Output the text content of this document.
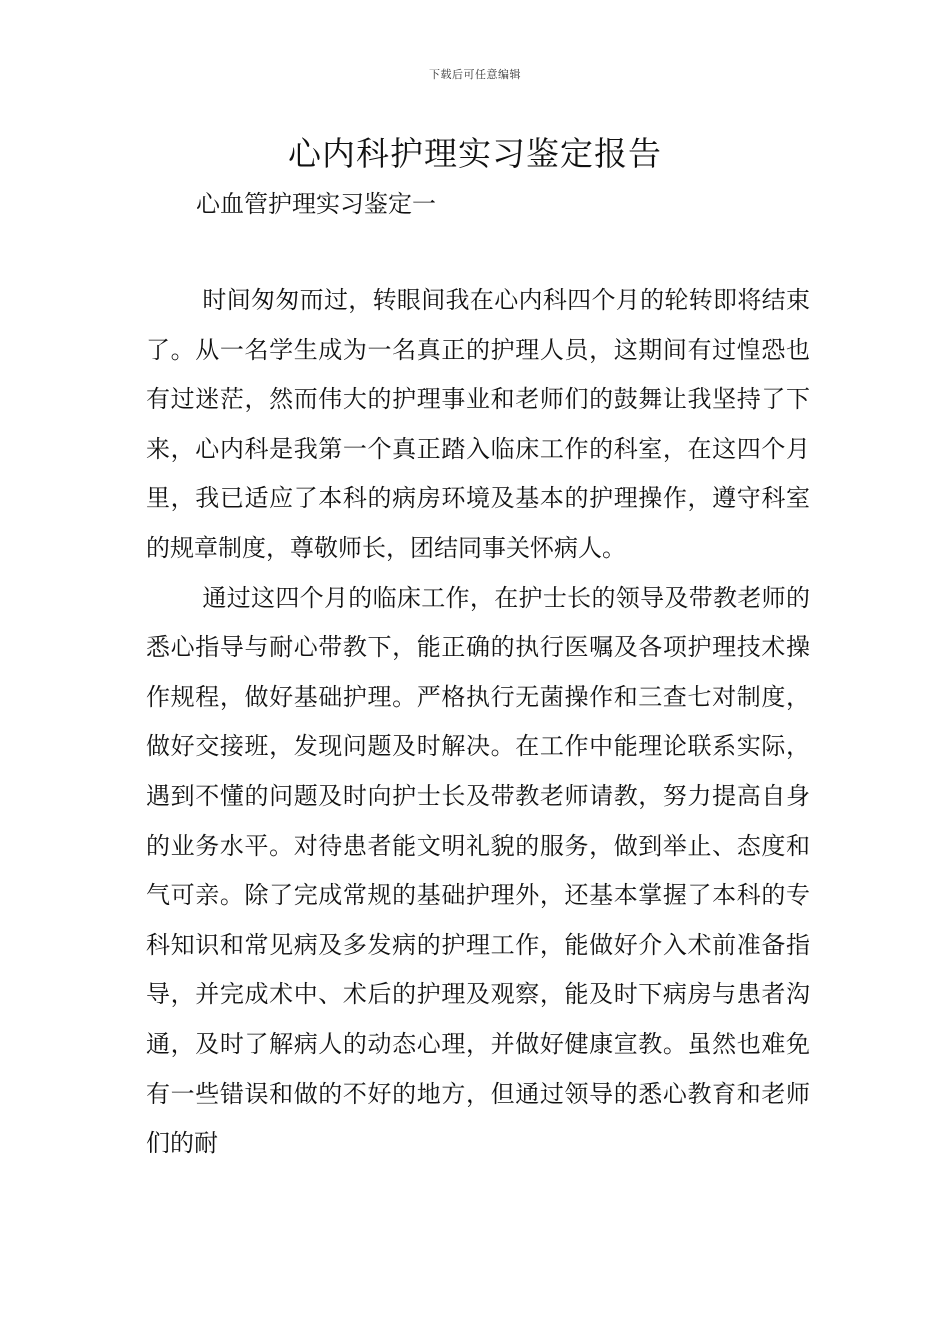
下载后可任意编辑
心内科护理实习鉴定报告
心血管护理实习鉴定一

时间匆匆而过，转眼间我在心内科四个月的轮转即将结束了。从一名学生成为一名真正的护理人员，这期间有过惶恐也有过迷茫，然而伟大的护理事业和老师们的鼓舞让我坚持了下来，心内科是我第一个真正踏入临床工作的科室，在这四个月里，我已适应了本科的病房环境及基本的护理操作，遵守科室的规章制度，尊敬师长，团结同事关怀病人。

通过这四个月的临床工作，在护士长的领导及带教老师的悉心指导与耐心带教下，能正确的执行医嘱及各项护理技术操作规程，做好基础护理。严格执行无菌操作和三查七对制度，做好交接班，发现问题及时解决。在工作中能理论联系实际，遇到不懂的问题及时向护士长及带教老师请教，努力提高自身的业务水平。对待患者能文明礼貌的服务，做到举止、态度和气可亲。除了完成常规的基础护理外，还基本掌握了本科的专科知识和常见病及多发病的护理工作，能做好介入术前准备指导，并完成术中、术后的护理及观察，能及时下病房与患者沟通，及时了解病人的动态心理，并做好健康宣教。虽然也难免有一些错误和做的不好的地方，但通过领导的悉心教育和老师们的耐
